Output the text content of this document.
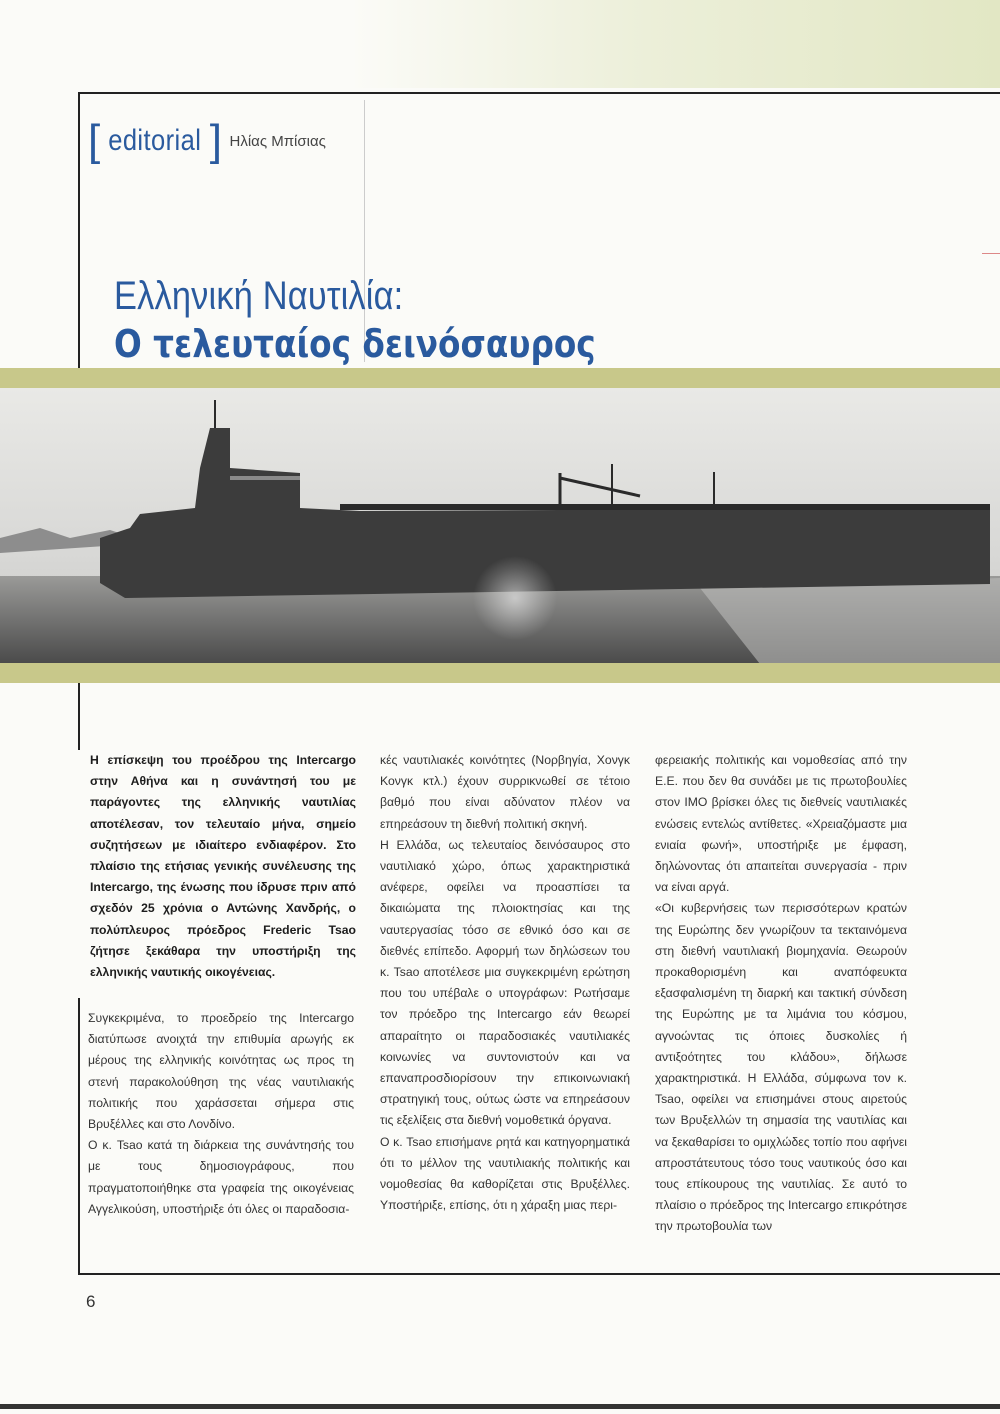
[ editorial ] Ηλίας Μπίσιας
Ελληνική Ναυτιλία:
Ο τελευταίος δεινόσαυρος

Η επίσκεψη του προέδρου της Intercargo στην Αθήνα και η συνάντησή του με παράγοντες της ελληνικής ναυτιλίας αποτέλεσαν, τον τελευταίο μήνα, σημείο συζητήσεων με ιδιαίτερο ενδιαφέρον. Στο πλαίσιο της ετήσιας γενικής συνέλευσης της Intercargo, της ένωσης που ίδρυσε πριν από σχεδόν 25 χρόνια ο Αντώνης Χανδρής, ο πολύπλευρος πρόεδρος Frederic Tsao ζήτησε ξεκάθαρα την υποστήριξη της ελληνικής ναυτικής οικογένειας.

Συγκεκριμένα, το προεδρείο της Intercargo διατύπωσε ανοιχτά την επιθυμία αρωγής εκ μέρους της ελληνικής κοινότητας ως προς τη στενή παρακολούθηση της νέας ναυτιλιακής πολιτικής που χαράσσεται σήμερα στις Βρυξέλλες και στο Λονδίνο.

Ο κ. Tsao κατά τη διάρκεια της συνάντησής του με τους δημοσιογράφους, που πραγματοποιήθηκε στα γραφεία της οικογένειας Αγγελικούση, υποστήριξε ότι όλες οι παραδοσια-

κές ναυτιλιακές κοινότητες (Νορβηγία, Χονγκ Κονγκ κτλ.) έχουν συρρικνωθεί σε τέτοιο βαθμό που είναι αδύνατον πλέον να επηρεάσουν τη διεθνή πολιτική σκηνή.

Η Ελλάδα, ως τελευταίος δεινόσαυρος στο ναυτιλιακό χώρο, όπως χαρακτηριστικά ανέφερε, οφείλει να προασπίσει τα δικαιώματα της πλοιοκτησίας και της ναυτεργασίας τόσο σε εθνικό όσο και σε διεθνές επίπεδο. Αφορμή των δηλώσεων του κ. Tsao αποτέλεσε μια συγκεκριμένη ερώτηση που του υπέβαλε ο υπογράφων: Ρωτήσαμε τον πρόεδρο της Intercargo εάν θεωρεί απαραίτητο οι παραδοσιακές ναυτιλιακές κοινωνίες να συντονιστούν και να επαναπροσδιορίσουν την επικοινωνιακή στρατηγική τους, ούτως ώστε να επηρεάσουν τις εξελίξεις στα διεθνή νομοθετικά όργανα.

Ο κ. Tsao επισήμανε ρητά και κατηγορηματικά ότι το μέλλον της ναυτιλιακής πολιτικής και νομοθεσίας θα καθορίζεται στις Βρυξέλλες. Υποστήριξε, επίσης, ότι η χάραξη μιας περι-

φερειακής πολιτικής και νομοθεσίας από την Ε.Ε. που δεν θα συνάδει με τις πρωτοβουλίες στον IMO βρίσκει όλες τις διεθνείς ναυτιλιακές ενώσεις εντελώς αντίθετες. «Χρειαζόμαστε μια ενιαία φωνή», υποστήριξε με έμφαση, δηλώνοντας ότι απαιτείται συνεργασία - πριν να είναι αργά.

«Οι κυβερνήσεις των περισσότερων κρατών της Ευρώπης δεν γνωρίζουν τα τεκταινόμενα στη διεθνή ναυτιλιακή βιομηχανία. Θεωρούν προκαθορισμένη και αναπόφευκτα εξασφαλισμένη τη διαρκή και τακτική σύνδεση της Ευρώπης με τα λιμάνια του κόσμου, αγνοώντας τις όποιες δυσκολίες ή αντιξοότητες του κλάδου», δήλωσε χαρακτηριστικά. Η Ελλάδα, σύμφωνα τον κ. Tsao, οφείλει να επισημάνει στους αιρετούς των Βρυξελλών τη σημασία της ναυτιλίας και να ξεκαθαρίσει το ομιχλώδες τοπίο που αφήνει απροστάτευτους τόσο τους ναυτικούς όσο και τους επίκουρους της ναυτιλίας. Σε αυτό το πλαίσιο ο πρόεδρος της Intercargo επικρότησε την πρωτοβουλία των

6
